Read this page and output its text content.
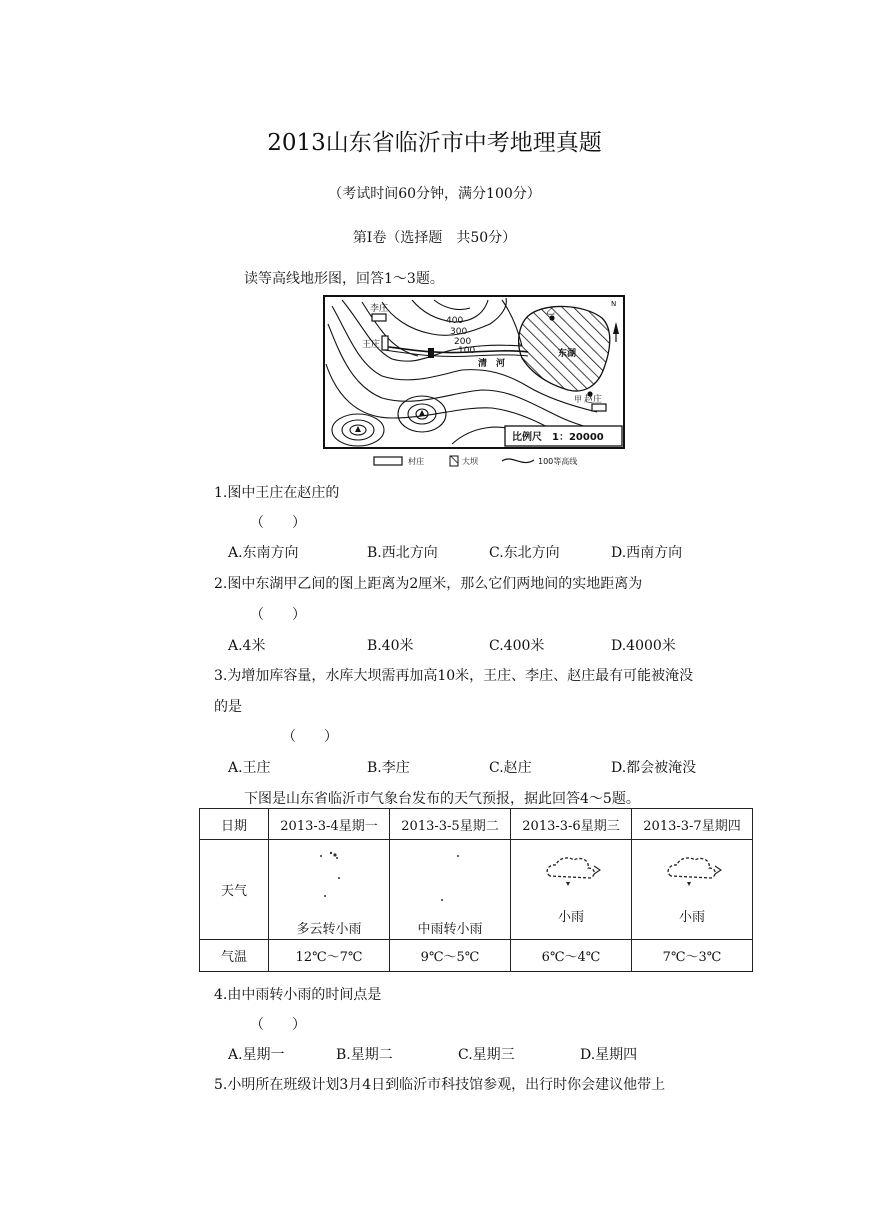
2013山东省临沂市中考地理真题
（考试时间60分钟，满分100分）
第Ⅰ卷（选择题　共50分）
读等高线地形图，回答1～3题。
李庄
王庄
赵庄
甲
乙
东湖
清　河
N
400
300
200
100
比例尺　1：20000
村庄	大坝	100等高线
1.图中王庄在赵庄的
（　　）
A.东南方向	B.西北方向	C.东北方向	D.西南方向
2.图中东湖甲乙间的图上距离为2厘米，那么它们两地间的实地距离为
（　　）
A.4米	B.40米	C.400米	D.4000米
3.为增加库容量，水库大坝需再加高10米，王庄、李庄、赵庄最有可能被淹没
的是
（　　）
A.王庄	B.李庄	C.赵庄	D.都会被淹没
下图是山东省临沂市气象台发布的天气预报，据此回答4～5题。
日期	2013-3-4星期一	2013-3-5星期二	2013-3-6星期三	2013-3-7星期四
天气	多云转小雨	中雨转小雨	小雨	小雨

气温	12℃～7℃	9℃～5℃	6℃～4℃	7℃～3℃
4.由中雨转小雨的时间点是
（　　）
A.星期一	B.星期二	C.星期三	D.星期四
5.小明所在班级计划3月4日到临沂市科技馆参观，出行时你会建议他带上
